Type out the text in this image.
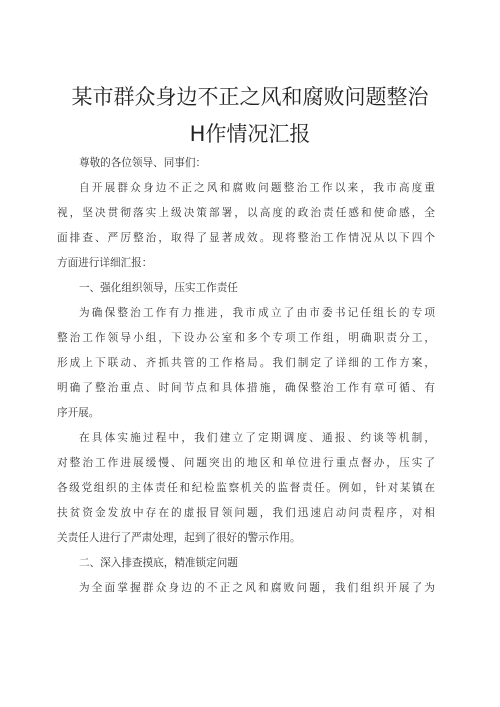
某市群众身边不正之风和腐败问题整治
H作情况汇报
尊敬的各位领导、同事们：
自开展群众身边不正之风和腐败问题整治工作以来，我市高度重
视，坚决贯彻落实上级决策部署，以高度的政治责任感和使命感，全
面排查、严厉整治，取得了显著成效。现将整治工作情况从以下四个
方面进行详细汇报：
一、强化组织领导，压实工作责任
为确保整治工作有力推进，我市成立了由市委书记任组长的专项
整治工作领导小组，下设办公室和多个专项工作组，明确职责分工，
形成上下联动、齐抓共管的工作格局。我们制定了详细的工作方案，
明确了整治重点、时间节点和具体措施，确保整治工作有章可循、有
序开展。
在具体实施过程中，我们建立了定期调度、通报、约谈等机制，
对整治工作进展缓慢、问题突出的地区和单位进行重点督办，压实了
各级党组织的主体责任和纪检监察机关的监督责任。例如，针对某镇在
扶贫资金发放中存在的虚报冒领问题，我们迅速启动问责程序，对相
关责任人进行了严肃处理，起到了很好的警示作用。
二、深入排查摸底，精准锁定问题
为全面掌握群众身边的不正之风和腐败问题，我们组织开展了为
